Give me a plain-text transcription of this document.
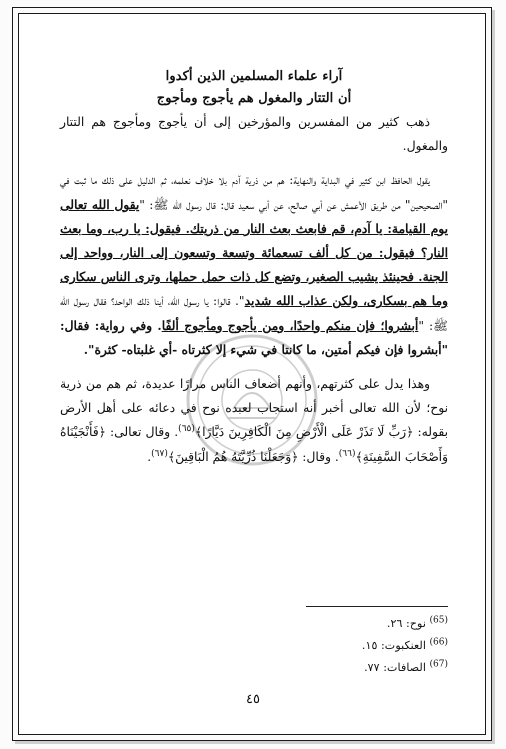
آراء علماء المسلمين الذين أكدوا

أن التتار والمغول هم يأجوج ومأجوج

ذهب كثير من المفسرين والمؤرخين إلى أن يأجوج ومأجوج هم التتار والمغول.

يقول الحافظ ابن كثير في البداية والنهاية: هم من ذرية آدم بلا خلاف نعلمه، ثم الدليل على ذلك ما ثبت في "الصحيحين" من طريق الأعمش عن أبي صالح، عن أبي سعيد قال: قال رسول الله ﷺ: "يقول الله تعالى يوم القيامة: يا آدم، قم فابعث بعث النار من ذريتك. فيقول: يا رب، وما بعث النار؟ فيقول: من كل ألف تسعمائة وتسعة وتسعون إلى النار، وواحد إلى الجنة. فحينئذ يشيب الصغير، وتضع كل ذات حمل حملها، وترى الناس سكارى وما هم بسكارى، ولكن عذاب الله شديد". قالوا: يا رسول الله، أينا ذلك الواحد؟ فقال رسول الله ﷺ: "أبشروا؛ فإن منكم واحدًا، ومن يأجوج ومأجوج ألفًا. وفي رواية: فقال: "أبشروا فإن فيكم أمتين، ما كانتا في شيء إلا كثرتاه -أي غلبتاه- كثرة".

وهذا يدل على كثرتهم، وأنهم أضعاف الناس مرارًا عديدة، ثم هم من ذرية نوح؛ لأن الله تعالى أخبر أنه استجاب لعبده نوح في دعائه على أهل الأرض بقوله: ﴿رَبِّ لَا تَذَرْ عَلَى الْأَرْضِ مِنَ الْكَافِرِينَ دَيَّارًا﴾$^{(٦٥)}$. وقال تعالى: ﴿فَأَنْجَيْنَاهُ وَأَصْحَابَ السَّفِينَةِ﴾$^{(٦٦)}$. وقال: ﴿وَجَعَلْنَا ذُرِّيَّتَهُ هُمُ الْبَاقِينَ﴾$^{(٦٧)}$.

$^{(65)}$ نوح: ٢٦.

$^{(66)}$ العنكبوت: ١٥.

$^{(67)}$ الصافات: ٧٧.

٤٥
